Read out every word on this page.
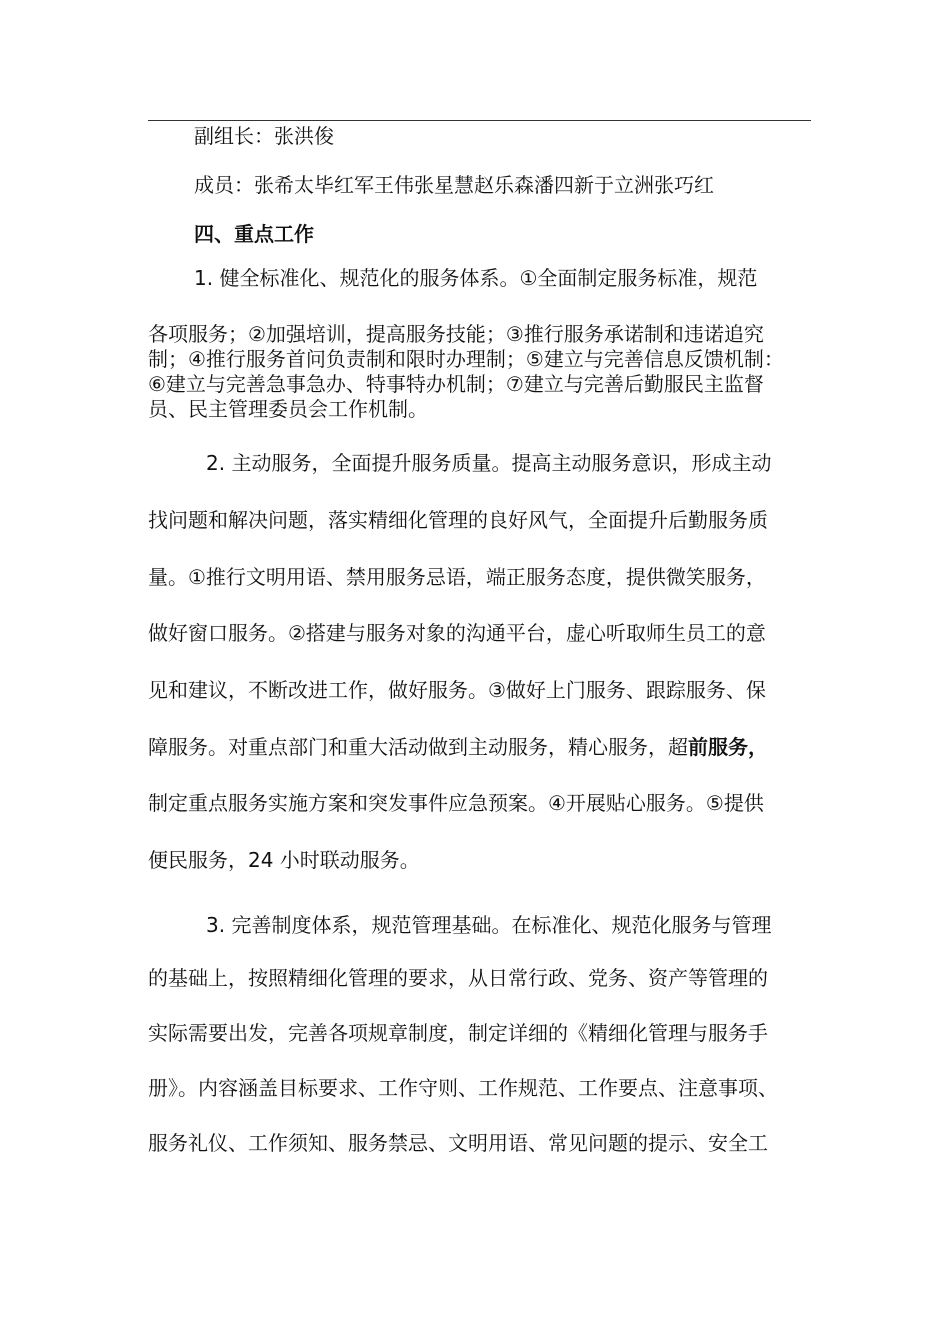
副组长：张洪俊
成员：张希太毕红军王伟张星慧赵乐森潘四新于立洲张巧红
四、重点工作
1. 健全标准化、规范化的服务体系。①全面制定服务标准，规范
各项服务；②加强培训，提高服务技能；③推行服务承诺制和违诺追究
制；④推行服务首问负责制和限时办理制；⑤建立与完善信息反馈机制：
⑥建立与完善急事急办、特事特办机制；⑦建立与完善后勤服民主监督
员、民主管理委员会工作机制。
2. 主动服务，全面提升服务质量。提高主动服务意识，形成主动
找问题和解决问题，落实精细化管理的良好风气，全面提升后勤服务质
量。①推行文明用语、禁用服务忌语，端正服务态度，提供微笑服务，
做好窗口服务。②搭建与服务对象的沟通平台，虚心听取师生员工的意
见和建议，不断改进工作，做好服务。③做好上门服务、跟踪服务、保
障服务。对重点部门和重大活动做到主动服务，精心服务，超前服务，
制定重点服务实施方案和突发事件应急预案。④开展贴心服务。⑤提供
便民服务，24 小时联动服务。
3. 完善制度体系，规范管理基础。在标准化、规范化服务与管理
的基础上，按照精细化管理的要求，从日常行政、党务、资产等管理的
实际需要出发，完善各项规章制度，制定详细的《精细化管理与服务手
册》。内容涵盖目标要求、工作守则、工作规范、工作要点、注意事项、
服务礼仪、工作须知、服务禁忌、文明用语、常见问题的提示、安全工
